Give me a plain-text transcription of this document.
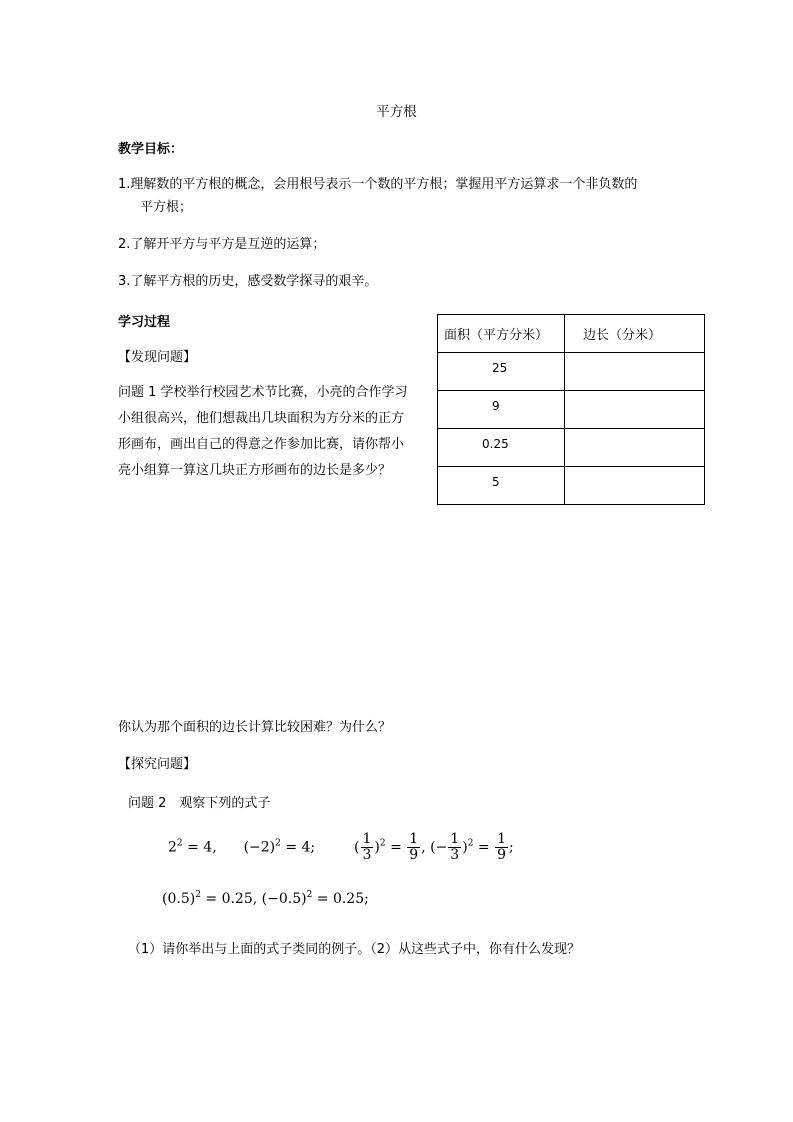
平方根
教学目标：
1.理解数的平方根的概念，会用根号表示一个数的平方根；掌握用平方运算求一个非负数的
平方根；
2.了解开平方与平方是互逆的运算；
3.了解平方根的历史，感受数学探寻的艰辛。
学习过程
【发现问题】
问题 1 学校举行校园艺术节比赛，小亮的合作学习
小组很高兴，他们想裁出几块面积为方分米的正方
形画布，画出自己的得意之作参加比赛，请你帮小
亮小组算一算这几块正方形画布的边长是多少？
面积（平方分米）	边长（分米）
25	
9	
0.25	
5	
你认为那个面积的边长计算比较困难？为什么？
【探究问题】
问题 2　观察下列的式子
$2^2 = 4$, $(-2)^2 = 4$;	( $\frac{1}{3} )^2 = \frac{1}{9}$ , (− $\frac{1}{3} )^2 = \frac{1}{9}$ ;
$(0.5)^2 = 0.25$, $(-0.5)^2 = 0.25$;
（1）请你举出与上面的式子类同的例子。（2）从这些式子中，你有什么发现？
